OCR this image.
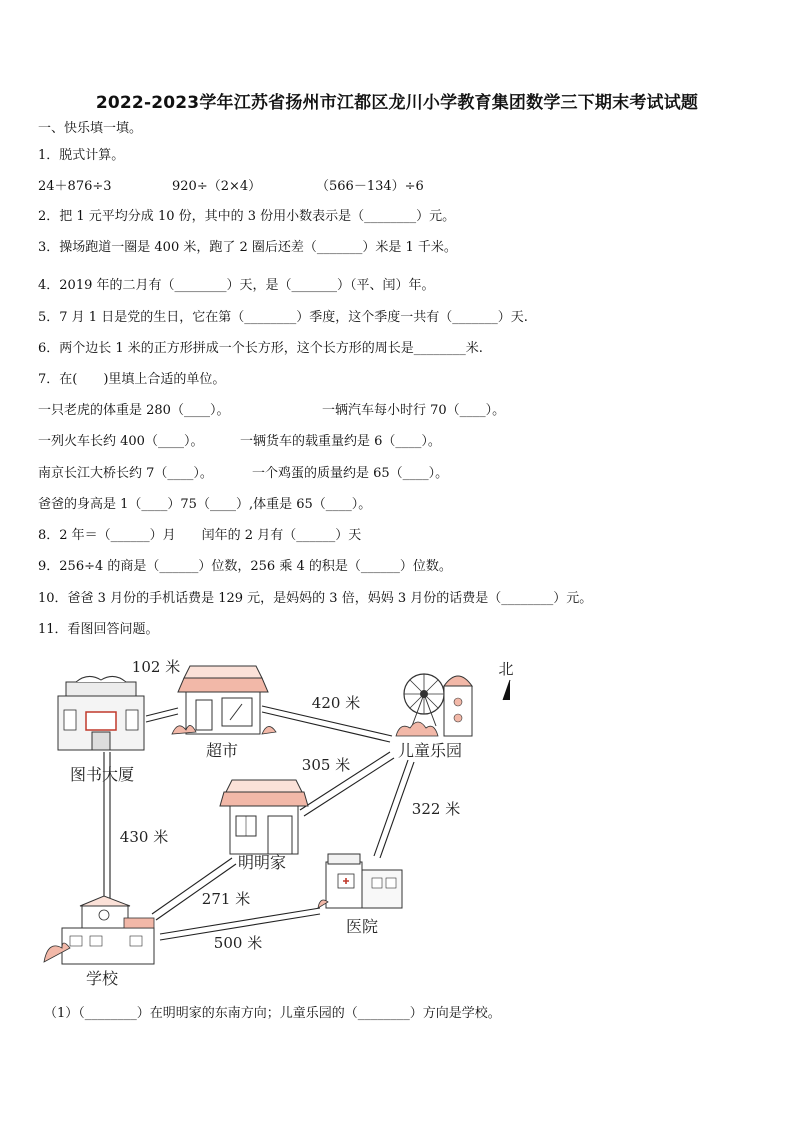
2022-2023学年江苏省扬州市江都区龙川小学教育集团数学三下期末考试试题
一、快乐填一填。
1．脱式计算。
24＋876÷3	920÷（2×4）	（566－134）÷6
2．把 1 元平均分成 10 份，其中的 3 份用小数表示是（________）元。
3．操场跑道一圈是 400 米，跑了 2 圈后还差（_______）米是 1 千米。
4．2019 年的二月有（________）天，是（_______）（平、闰）年。
5．7 月 1 日是党的生日，它在第（________）季度，这个季度一共有（_______）天.
6．两个边长 1 米的正方形拼成一个长方形，这个长方形的周长是________米.
7．在(　　)里填上合适的单位。
一只老虎的体重是 280（____）。	一辆汽车每小时行 70（____）。
一列火车长约 400（____）。	一辆货车的载重量约是 6（____）。
南京长江大桥长约 7（____）。	一个鸡蛋的质量约是 65（____）。
爸爸的身高是 1（____）75（____）,体重是 65（____）。
8．2 年＝（______）月　　闰年的 2 月有（______）天
9．256÷4 的商是（______）位数，256 乘 4 的积是（______）位数。
10．爸爸 3 月份的手机话费是 129 元，是妈妈的 3 倍，妈妈 3 月份的话费是（________）元。
11．看图回答问题。
北
图书大厦
超市	儿童乐园
明明家
医院
学校
102 米
420 米
305 米
322 米
430 米
271 米
500 米
（1）（________）在明明家的东南方向；儿童乐园的（________）方向是学校。
